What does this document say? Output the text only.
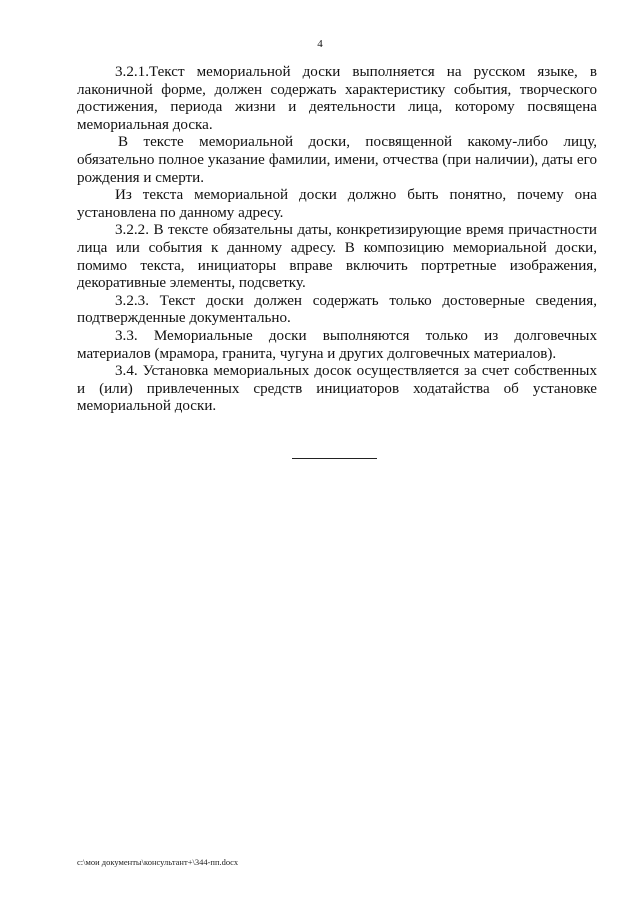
4

3.2.1.Текст мемориальной доски выполняется на русском языке, в лаконичной форме, должен содержать характеристику события, творческого достижения, периода жизни и деятельности лица, которому посвящена мемориальная доска.

В тексте мемориальной доски, посвященной какому-либо лицу, обязательно полное указание фамилии, имени, отчества (при наличии), даты его рождения и смерти.

Из текста мемориальной доски должно быть понятно, почему она установлена по данному адресу.

3.2.2. В тексте обязательны даты, конкретизирующие время причастности лица или события к данному адресу. В композицию мемориальной доски, помимо текста, инициаторы вправе включить портретные изображения, декоративные элементы, подсветку.

3.2.3. Текст доски должен содержать только достоверные сведения, подтвержденные документально.

3.3. Мемориальные доски выполняются только из долговечных материалов (мрамора, гранита, чугуна и других долговечных материалов).

3.4. Установка мемориальных досок осуществляется за счет собственных и (или) привлеченных средств инициаторов ходатайства об установке мемориальной доски.

c:\мои документы\консультант+\344-пп.docx
